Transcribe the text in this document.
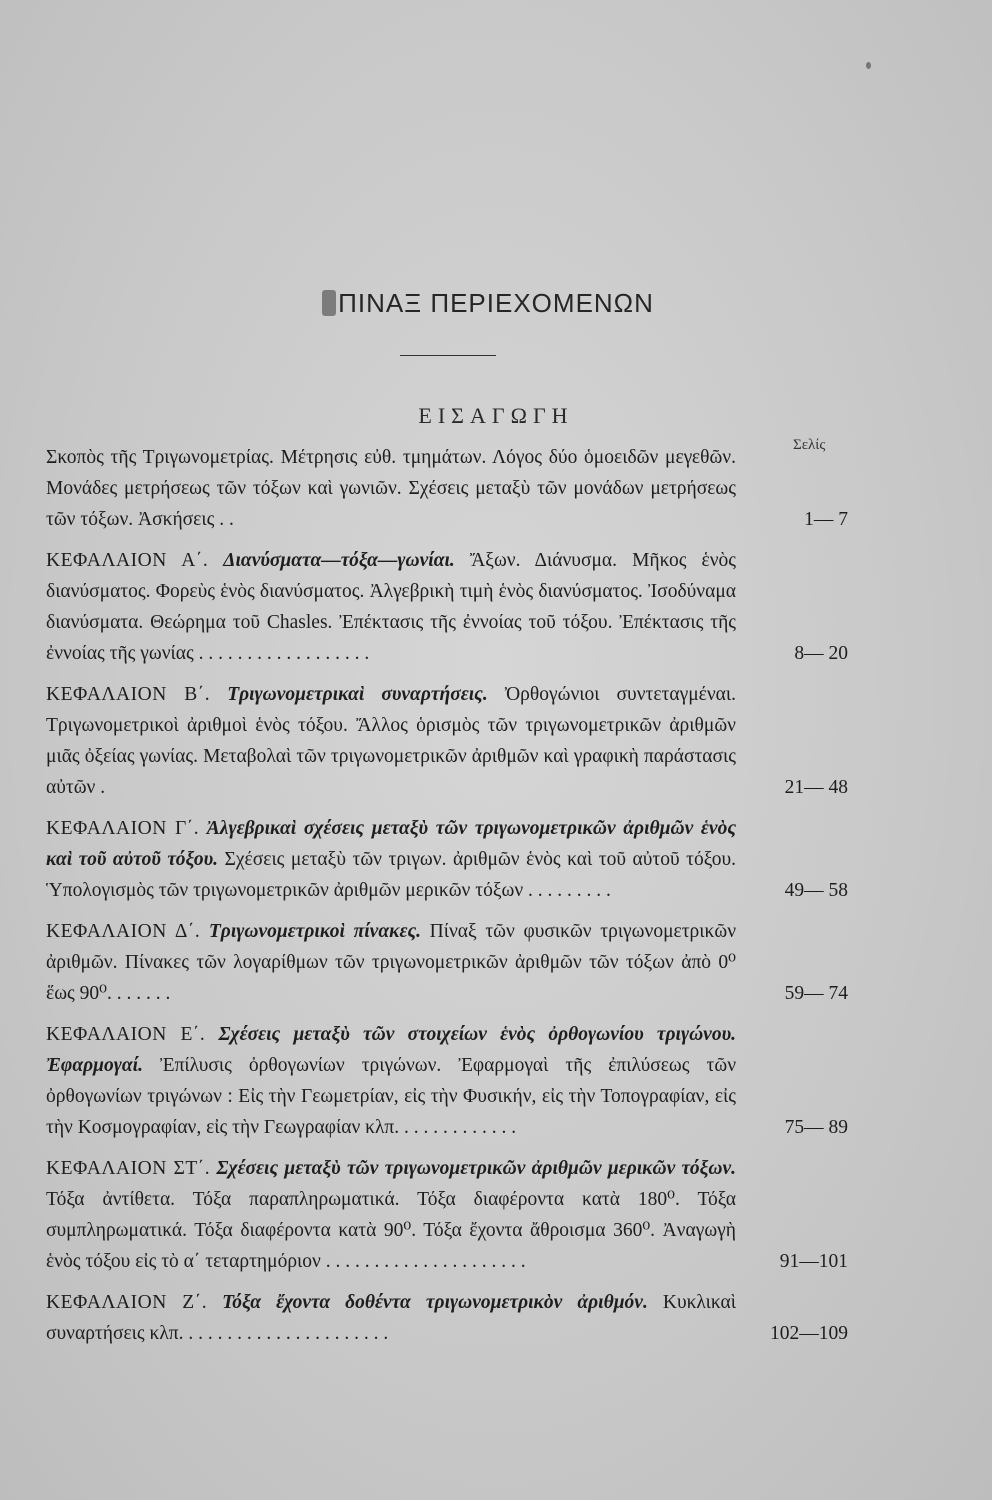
ΠΙΝΑΞ ΠΕΡΙΕΧΟΜΕΝΩΝ
ΕΙΣΑΓΩΓΗ
Σελίς
Σκοπὸς τῆς Τριγωνομετρίας. Μέτρησις εὐθ. τμημάτων. Λόγος δύο ὁμοειδῶν μεγεθῶν. Μονάδες μετρήσεως τῶν τόξων καὶ γωνιῶν. Σχέσεις μεταξὺ τῶν μονάδων μετρήσεως τῶν τόξων. Ἀσκήσεις . .	1— 7
ΚΕΦΑΛΑΙΟΝ Α΄. Διανύσματα—τόξα—γωνίαι. Ἄξων. Διάνυσμα. Μῆκος ἑνὸς διανύσματος. Φορεὺς ἑνὸς διανύσματος. Ἀλγεβρικὴ τιμὴ ἑνὸς διανύσματος. Ἰσοδύναμα διανύσματα. Θεώρημα τοῦ Chasles. Ἐπέκτασις τῆς ἐννοίας τοῦ τόξου. Ἐπέκτασις τῆς ἐννοίας τῆς γωνίας . . . . . . . . . . . . . . . . . .	8— 20
ΚΕΦΑΛΑΙΟΝ Β΄. Τριγωνομετρικαὶ συναρτήσεις. Ὀρθογώνιοι συντεταγμέναι. Τριγωνομετρικοὶ ἀριθμοὶ ἑνὸς τόξου. Ἄλλος ὁρισμὸς τῶν τριγωνομετρικῶν ἀριθμῶν μιᾶς ὀξείας γωνίας. Μεταβολαὶ τῶν τριγωνομετρικῶν ἀριθμῶν καὶ γραφικὴ παράστασις αὐτῶν .	21— 48
ΚΕΦΑΛΑΙΟΝ Γ΄. Ἀλγεβρικαὶ σχέσεις μεταξὺ τῶν τριγωνομετρικῶν ἀριθμῶν ἑνὸς καὶ τοῦ αὐτοῦ τόξου. Σχέσεις μεταξὺ τῶν τριγων. ἀριθμῶν ἑνὸς καὶ τοῦ αὐτοῦ τόξου. Ὑπολογισμὸς τῶν τριγωνομετρικῶν ἀριθμῶν μερικῶν τόξων . . . . . . . . .	49— 58
ΚΕΦΑΛΑΙΟΝ Δ΄. Τριγωνομετρικοὶ πίνακες. Πίναξ τῶν φυσικῶν τριγωνομετρικῶν ἀριθμῶν. Πίνακες τῶν λογαρίθμων τῶν τριγωνομετρικῶν ἀριθμῶν τῶν τόξων ἀπὸ 0⁰ ἕως 90⁰. . . . . . .	59— 74
ΚΕΦΑΛΑΙΟΝ Ε΄. Σχέσεις μεταξὺ τῶν στοιχείων ἑνὸς ὀρθογωνίου τριγώνου. Ἐφαρμογαί. Ἐπίλυσις ὀρθογωνίων τριγώνων. Ἐφαρμογαὶ τῆς ἐπιλύσεως τῶν ὀρθογωνίων τριγώνων : Εἰς τὴν Γεωμετρίαν, εἰς τὴν Φυσικήν, εἰς τὴν Τοπογραφίαν, εἰς τὴν Κοσμογραφίαν, εἰς τὴν Γεωγραφίαν κλπ. . . . . . . . . . . . .	75— 89
ΚΕΦΑΛΑΙΟΝ ΣΤ΄. Σχέσεις μεταξὺ τῶν τριγωνομετρικῶν ἀριθμῶν μερικῶν τόξων. Τόξα ἀντίθετα. Τόξα παραπληρωματικά. Τόξα διαφέροντα κατὰ 180⁰. Τόξα συμπληρωματικά. Τόξα διαφέροντα κατὰ 90⁰. Τόξα ἔχοντα ἄθροισμα 360⁰. Ἀναγωγὴ ἑνὸς τόξου εἰς τὸ α΄ τεταρτημόριον . . . . . . . . . . . . . . . . . . . . .	91—101
ΚΕΦΑΛΑΙΟΝ Ζ΄. Τόξα ἔχοντα δοθέντα τριγωνομετρικὸν ἀριθμόν. Κυκλικαὶ συναρτήσεις κλπ. . . . . . . . . . . . . . . . . . . . . .	102—109
